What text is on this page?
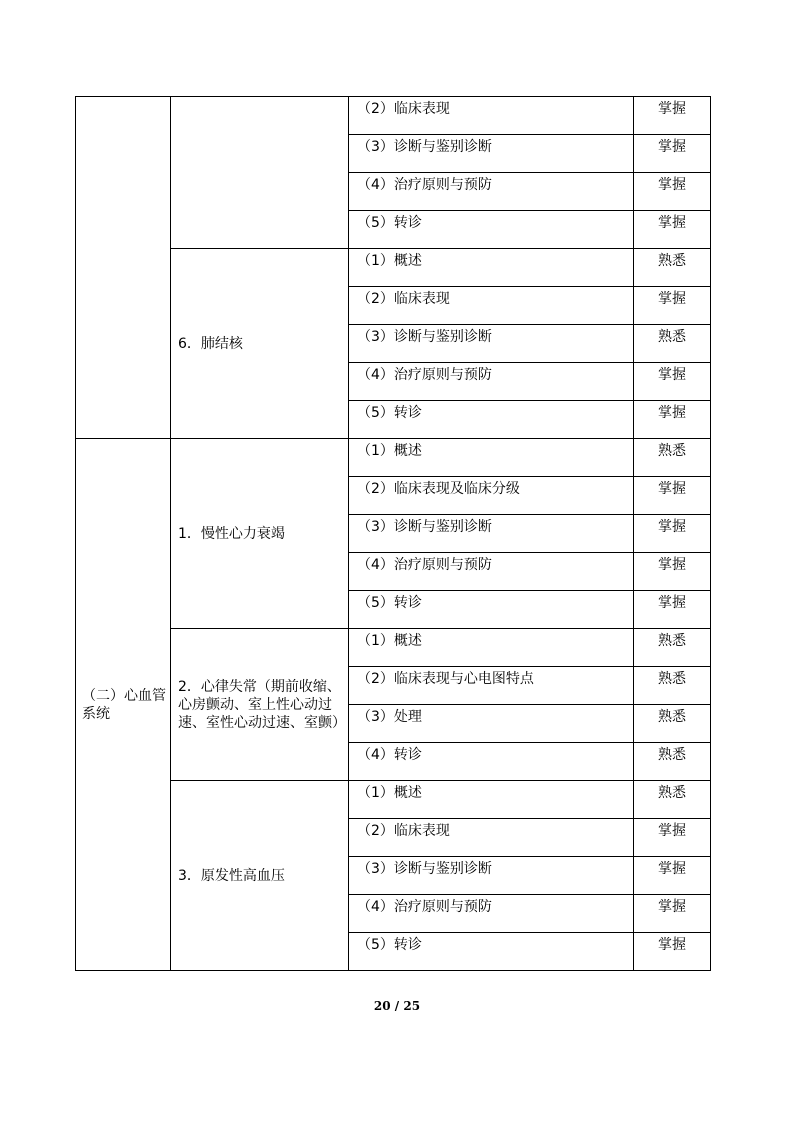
		（2）临床表现	掌握
		（3）诊断与鉴别诊断	掌握
		（4）治疗原则与预防	掌握
		（5）转诊	掌握
	6．肺结核	（1）概述	熟悉
		（2）临床表现	掌握
		（3）诊断与鉴别诊断	熟悉
		（4）治疗原则与预防	掌握
		（5）转诊	掌握
（二）心血管系统	1．慢性心力衰竭	（1）概述	熟悉
		（2）临床表现及临床分级	掌握
		（3）诊断与鉴别诊断	掌握
		（4）治疗原则与预防	掌握
		（5）转诊	掌握
	2．心律失常（期前收缩、心房颤动、室上性心动过速、室性心动过速、室颤）	（1）概述	熟悉
		（2）临床表现与心电图特点	熟悉
		（3）处理	熟悉
		（4）转诊	熟悉
	3．原发性高血压	（1）概述	熟悉
		（2）临床表现	掌握
		（3）诊断与鉴别诊断	掌握
		（4）治疗原则与预防	掌握
		（5）转诊	掌握
20 / 25
